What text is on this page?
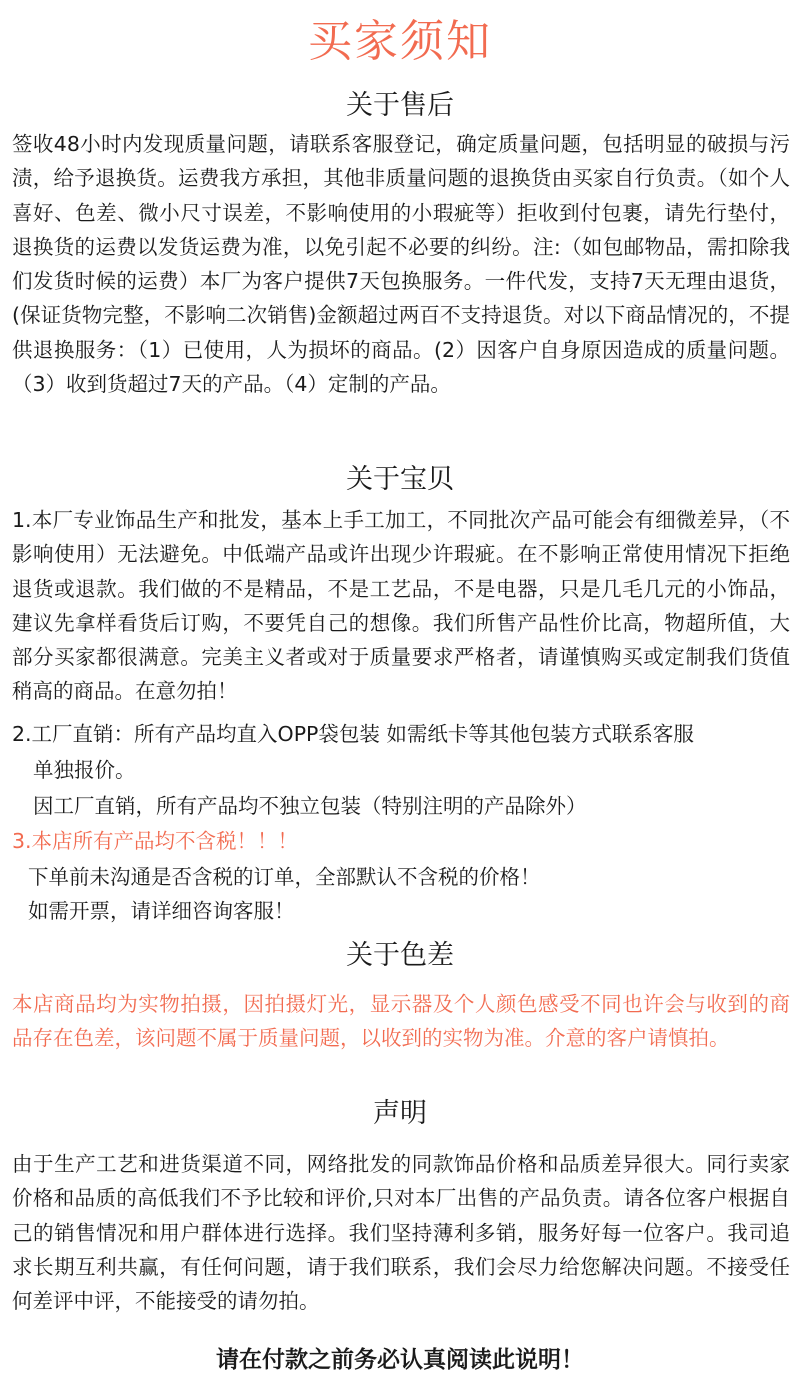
买家须知
关于售后
签收48小时内发现质量问题，请联系客服登记，确定质量问题，包括明显的破损与污渍，给予退换货。运费我方承担，其他非质量问题的退换货由买家自行负责。（如个人喜好、色差、微小尺寸误差，不影响使用的小瑕疵等）拒收到付包裹，请先行垫付，退换货的运费以发货运费为准，以免引起不必要的纠纷。注:（如包邮物品，需扣除我们发货时候的运费）本厂为客户提供7天包换服务。一件代发，支持7天无理由退货，(保证货物完整，不影响二次销售)金额超过两百不支持退货。对以下商品情况的，不提供退换服务：（1）已使用，人为损坏的商品。(2）因客户自身原因造成的质量问题。（3）收到货超过7天的产品。（4）定制的产品。
关于宝贝
1.本厂专业饰品生产和批发，基本上手工加工，不同批次产品可能会有细微差异，（不影响使用）无法避免。中低端产品或许出现少许瑕疵。在不影响正常使用情况下拒绝退货或退款。我们做的不是精品，不是工艺品，不是电器，只是几毛几元的小饰品，建议先拿样看货后订购，不要凭自己的想像。我们所售产品性价比高，物超所值，大部分买家都很满意。完美主义者或对于质量要求严格者，请谨慎购买或定制我们货值稍高的商品。在意勿拍！
2.工厂直销：所有产品均直入OPP袋包装 如需纸卡等其他包装方式联系客服
单独报价。
因工厂直销，所有产品均不独立包装（特别注明的产品除外）
3.本店所有产品均不含税！！！
下单前未沟通是否含税的订单，全部默认不含税的价格！
如需开票，请详细咨询客服！
关于色差
本店商品均为实物拍摄，因拍摄灯光，显示器及个人颜色感受不同也许会与收到的商品存在色差，该问题不属于质量问题，以收到的实物为准。介意的客户请慎拍。
声明
由于生产工艺和进货渠道不同，网络批发的同款饰品价格和品质差异很大。同行卖家价格和品质的高低我们不予比较和评价,只对本厂出售的产品负责。请各位客户根据自己的销售情况和用户群体进行选择。我们坚持薄利多销，服务好每一位客户。我司追求长期互利共赢，有任何问题，请于我们联系，我们会尽力给您解决问题。不接受任何差评中评，不能接受的请勿拍。
请在付款之前务必认真阅读此说明！
